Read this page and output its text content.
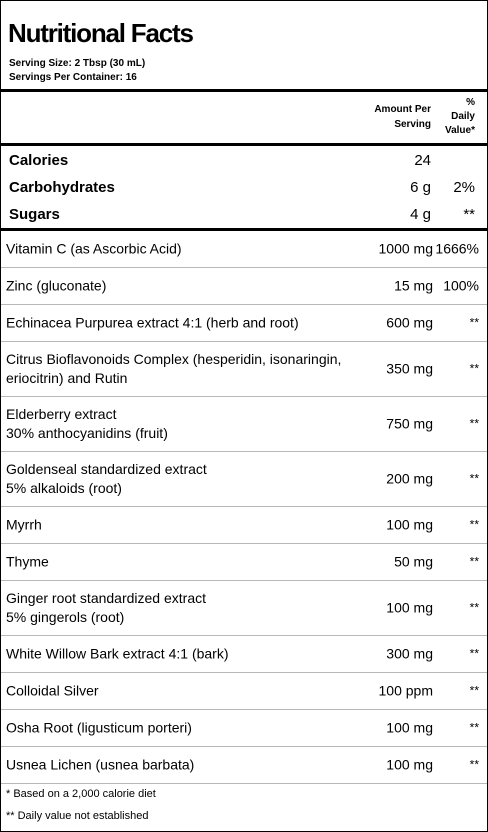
Nutritional Facts
Serving Size: 2 Tbsp (30 mL)
Servings Per Container: 16
Amount Per
Serving
%
Daily
Value*
Calories	24
Carbohydrates	6 g 2%
Sugars	4 g **
Vitamin C (as Ascorbic Acid)	1000 mg 1666%
Zinc (gluconate)	15 mg 100%
Echinacea Purpurea extract 4:1 (herb and root)	600 mg	**
Citrus Bioflavonoids Complex (hesperidin, isonaringin,
eriocitrin) and Rutin
350 mg	**
Elderberry extract
30% anthocyanidins (fruit)
750 mg	**
Goldenseal standardized extract
5% alkaloids (root)
200 mg	**
Myrrh	100 mg	**
Thyme	50 mg	**
Ginger root standardized extract
5% gingerols (root)
100 mg	**
White Willow Bark extract 4:1 (bark)	300 mg	**
Colloidal Silver	100 ppm	**
Osha Root (ligusticum porteri)	100 mg	**
Usnea Lichen (usnea barbata)	100 mg	**
* Based on a 2,000 calorie diet
** Daily value not established
